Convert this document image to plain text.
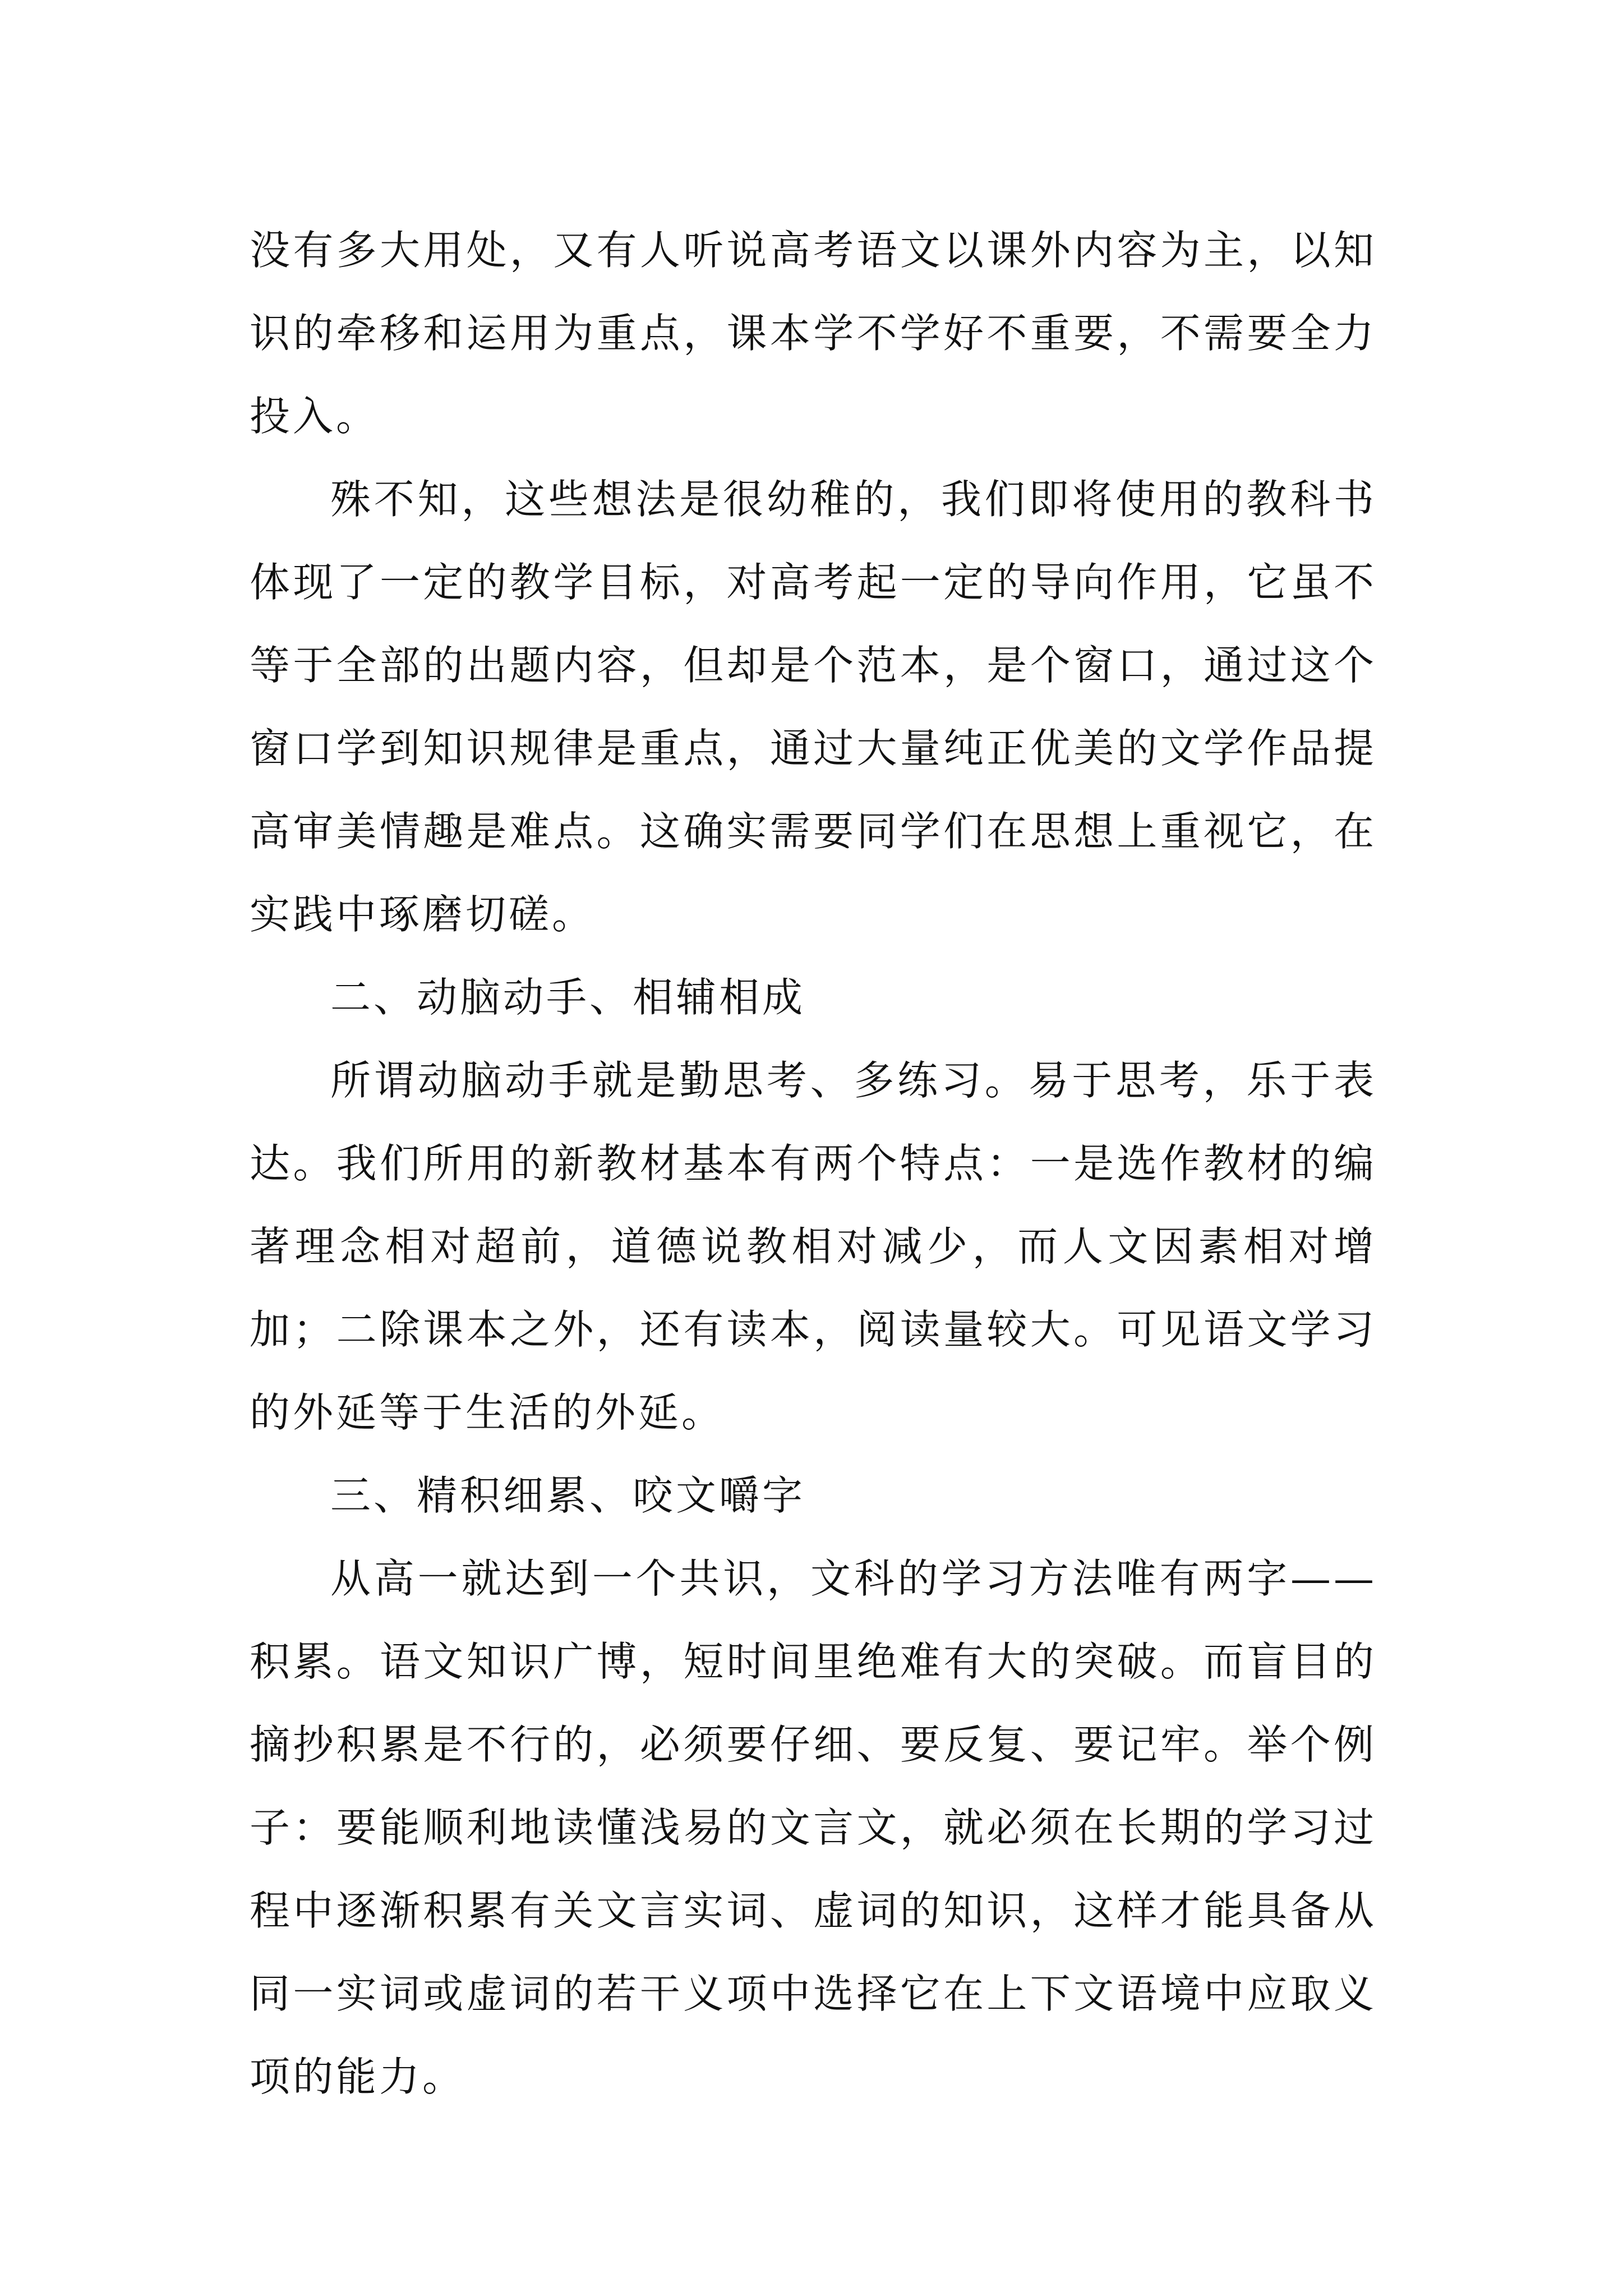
没有多大用处，又有人听说高考语文以课外内容为主，以知识的牵移和运用为重点，课本学不学好不重要，不需要全力投入。

殊不知，这些想法是很幼稚的，我们即将使用的教科书体现了一定的教学目标，对高考起一定的导向作用，它虽不等于全部的出题内容，但却是个范本，是个窗口，通过这个窗口学到知识规律是重点，通过大量纯正优美的文学作品提高审美情趣是难点。这确实需要同学们在思想上重视它，在实践中琢磨切磋。

二、动脑动手、相辅相成

所谓动脑动手就是勤思考、多练习。易于思考，乐于表达。我们所用的新教材基本有两个特点：一是选作教材的编著理念相对超前，道德说教相对减少，而人文因素相对增加；二除课本之外，还有读本，阅读量较大。可见语文学习的外延等于生活的外延。

三、精积细累、咬文嚼字

从高一就达到一个共识，文科的学习方法唯有两字——积累。语文知识广博，短时间里绝难有大的突破。而盲目的摘抄积累是不行的，必须要仔细、要反复、要记牢。举个例子：要能顺利地读懂浅易的文言文，就必须在长期的学习过程中逐渐积累有关文言实词、虚词的知识，这样才能具备从同一实词或虚词的若干义项中选择它在上下文语境中应取义项的能力。
